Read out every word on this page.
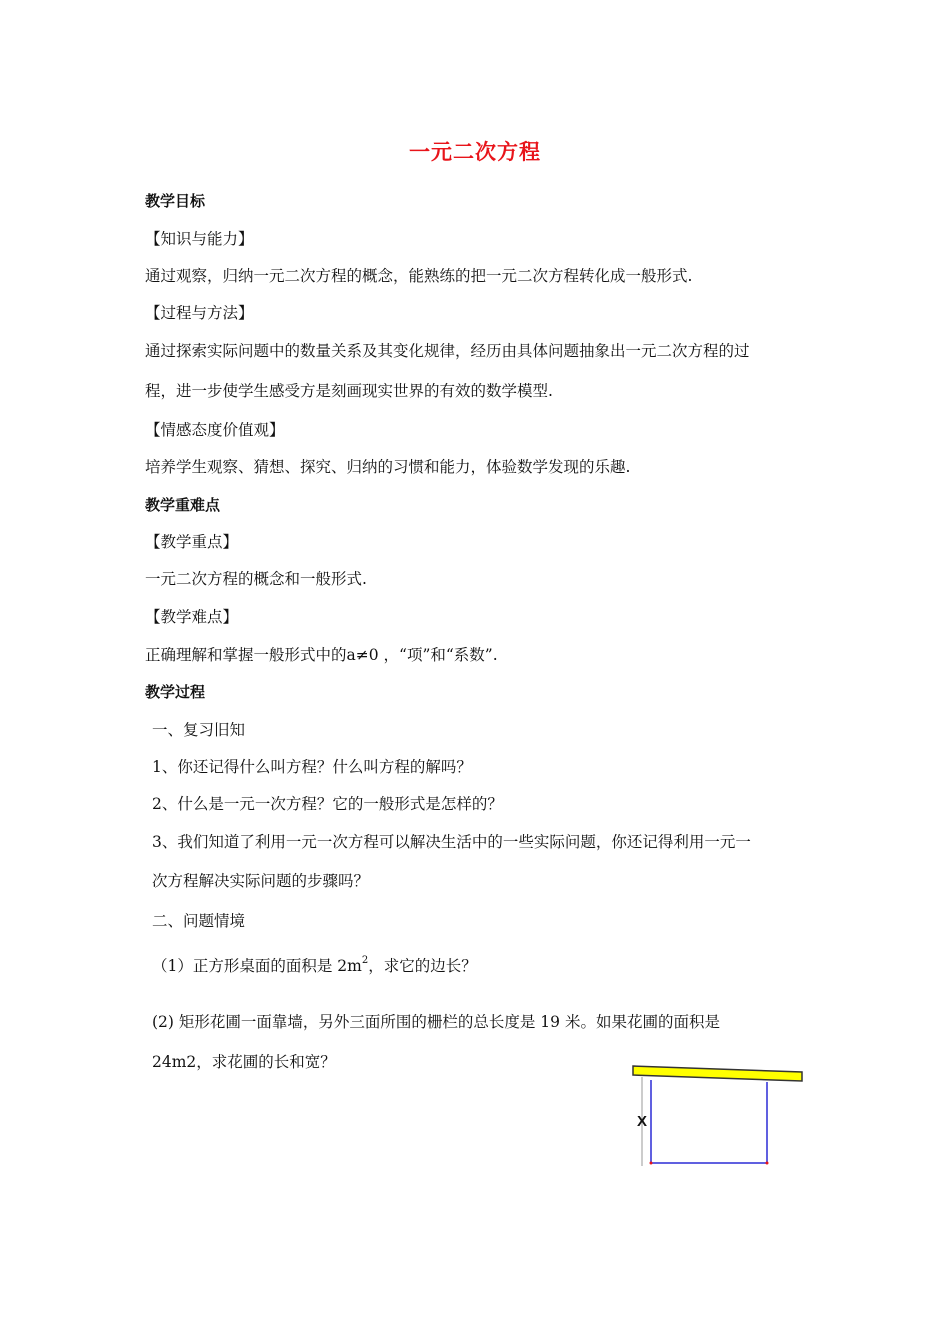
一元二次方程
教学目标
【知识与能力】
通过观察，归纳一元二次方程的概念，能熟练的把一元二次方程转化成一般形式.
【过程与方法】
通过探索实际问题中的数量关系及其变化规律，经历由具体问题抽象出一元二次方程的过
程，进一步使学生感受方是刻画现实世界的有效的数学模型.
【情感态度价值观】
培养学生观察、猜想、探究、归纳的习惯和能力，体验数学发现的乐趣.
教学重难点
【教学重点】
一元二次方程的概念和一般形式.
【教学难点】
正确理解和掌握一般形式中的a≠0 ，“项”和“系数”.
教学过程
一、复习旧知
1、你还记得什么叫方程？什么叫方程的解吗？
2、什么是一元一次方程？它的一般形式是怎样的？
3、我们知道了利用一元一次方程可以解决生活中的一些实际问题，你还记得利用一元一
次方程解决实际问题的步骤吗？
二、问题情境
（1）正方形桌面的面积是 $2m^2$，求它的边长？
(2) 矩形花圃一面靠墙，另外三面所围的栅栏的总长度是 19 米。如果花圃的面积是
24m2，求花圃的长和宽？
X
